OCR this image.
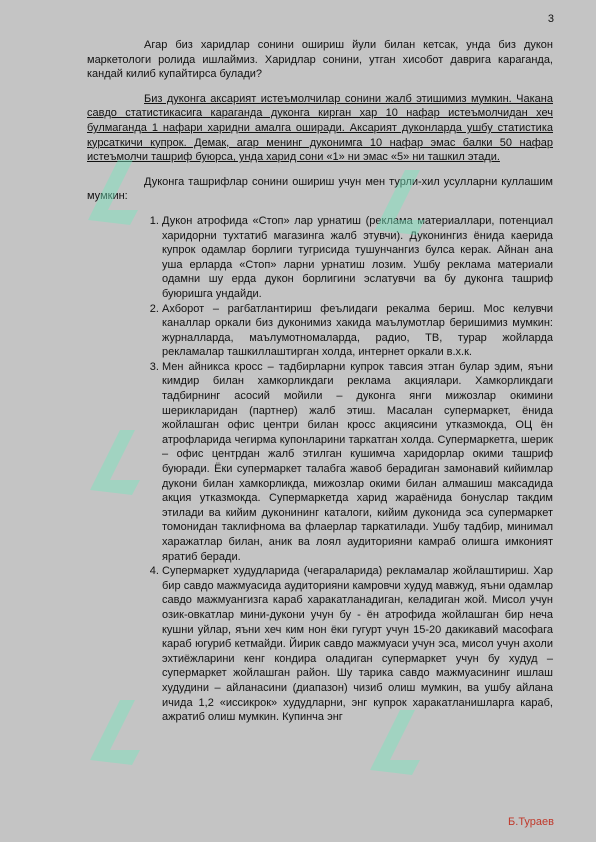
3

Агар биз харидлар сонини ошириш йули билан кетсак, унда биз дукон маркетологи ролида ишлаймиз. Харидлар сонини, утган хисобот даврига караганда, кандай килиб купайтирса булади?

Биз дуконга аксарият истеъмолчилар сонини жалб этишимиз мумкин. Чакана савдо статистикасига караганда дуконга кирган хар 10 нафар истеъмолчидан хеч булмаганда 1 нафари харидни амалга оширади. Аксарият дуконларда ушбу статистика курсаткичи купрок. Демак, агар менинг дуконимга 10 нафар эмас балки 50 нафар истеъмолчи ташриф буюрса, унда харид сони «1» ни эмас «5» ни ташкил этади.

Дуконга ташрифлар сонини ошириш учун мен турли-хил усулларни куллашим мумкин:

1. Дукон атрофида «Стоп» лар урнатиш (реклама материаллари, потенциал харидорни тухтатиб магазинга жалб этувчи). Дуконингиз ёнида каерида купрок одамлар борлиги тугрисида тушунчангиз булса керак. Айнан ана уша ерларда «Стоп» ларни урнатиш лозим. Ушбу реклама материали одамни шу ерда дукон борлигини эслатувчи ва бу дуконга ташриф буюришга ундайди.
2. Ахборот – рагбатлантириш феълидаги рекалма бериш. Мос келувчи каналлар оркали биз дуконимиз хакида маълумотлар беришимиз мумкин: журналларда, маълумотномаларда, радио, ТВ, турар жойларда рекламалар ташкиллаштирган холда, интернет оркали в.х.к.
3. Мен айникса кросс – тадбирларни купрок тавсия этган булар эдим, яъни кимдир билан хамкорликдаги реклама акциялари. Хамкорликдаги тадбирнинг асосий мойили – дуконга янги мижозлар окимини шерикларидан (партнер) жалб этиш. Масалан супермаркет, ёнида жойлашган офис центри билан кросс акциясини утказмокда, ОЦ ён атрофларида чегирма купонларини таркатган холда. Супермаркетга, шерик – офис центрдан жалб этилган кушимча харидорлар окими ташриф буюради. Ёки супермаркет талабга жавоб берадиган замонавий кийимлар дукони билан хамкорликда, мижозлар окими билан алмашиш максадида акция утказмокда. Супермаркетда харид жараёнида бонуслар такдим этилади ва кийим дуконининг каталоги, кийим дуконида эса супермаркет томонидан таклифнома ва флаерлар таркатилади. Ушбу тадбир, минимал харажатлар билан, аник ва лоял аудиторияни камраб олишга имконият яратиб беради.
4. Супермаркет худудларида (чегараларида) рекламалар жойлаштириш. Хар бир савдо мажмуасида аудиторияни камровчи худуд мавжуд, яъни одамлар савдо мажмуангизга караб харакатланадиган, келадиган жой. Мисол учун озик-овкатлар мини-дукони учун бу - ён атрофида жойлашган бир неча кушни уйлар, яъни хеч ким нон ёки гугурт учун 15-20 дакикавий масофага караб югуриб кетмайди. Йирик савдо мажмуаси учун эса, мисол учун ахоли эхтиёжларини кенг кондира оладиган супермаркет учун бу худуд – супермаркет жойлашган район. Шу тарика савдо мажмуасининг ишлаш худудини – айланасини (диапазон) чизиб олиш мумкин, ва ушбу айлана ичида 1,2 «иссикрок» худудларни, энг купрок харакатланишларга караб, ажратиб олиш мумкин. Купинча энг
Б.Тураев
